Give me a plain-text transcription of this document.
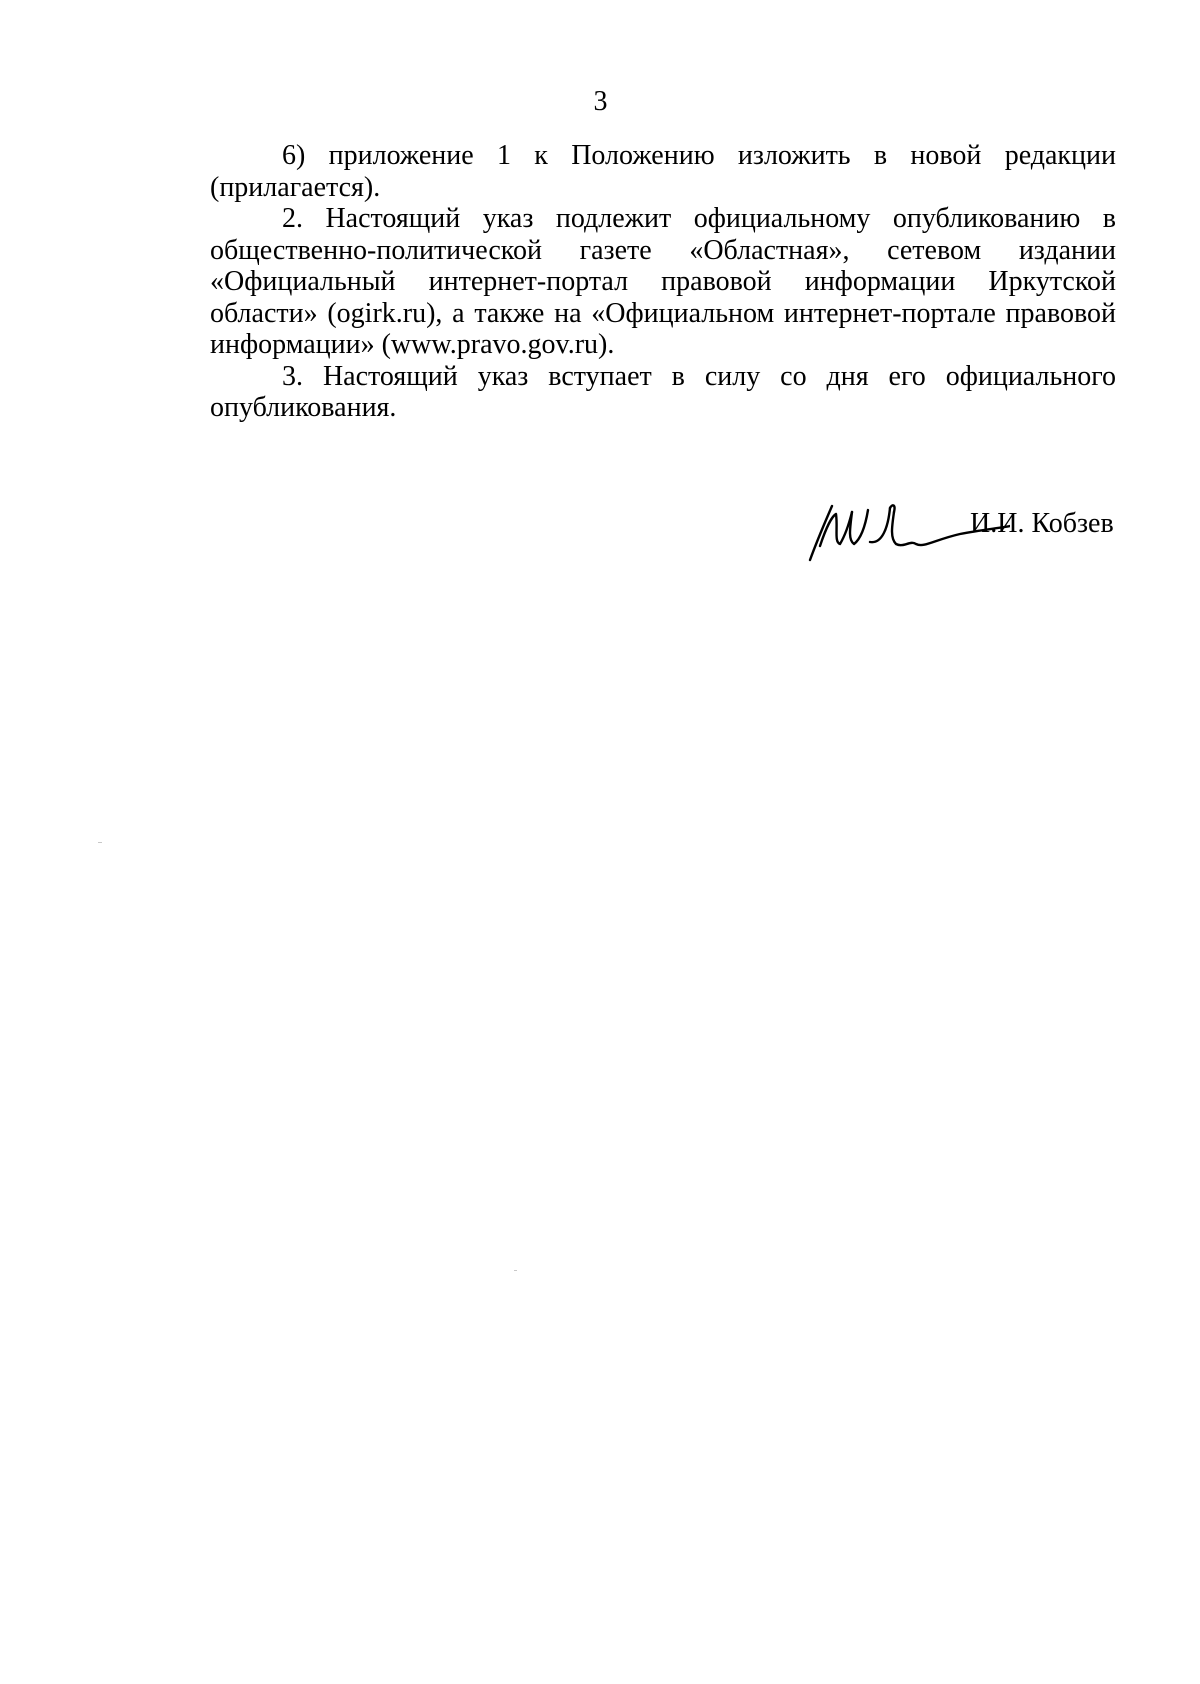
3

6) приложение 1 к Положению изложить в новой редакции (прилагается).

2. Настоящий указ подлежит официальному опубликованию в общественно-политической газете «Областная», сетевом издании «Официальный интернет-портал правовой информации Иркутской области» (ogirk.ru), а также на «Официальном интернет-портале правовой информации» (www.pravo.gov.ru).

3. Настоящий указ вступает в силу со дня его официального опубликования.

И.И. Кобзев
